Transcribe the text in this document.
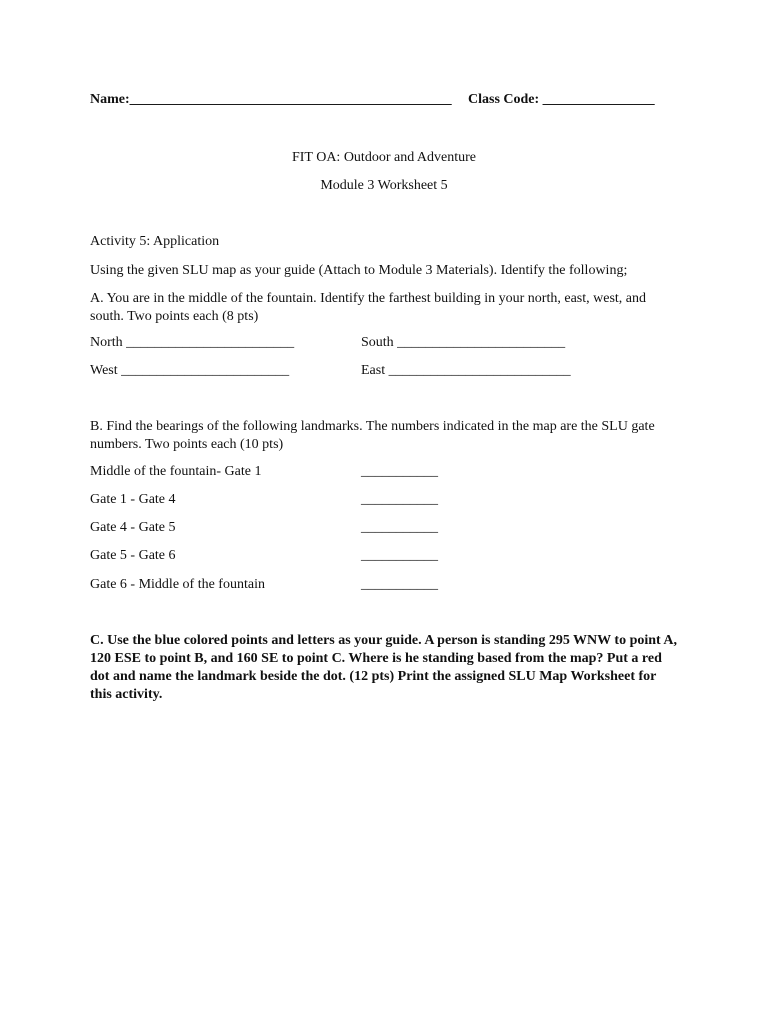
Name:______________________________________________ Class Code: ________________
FIT OA: Outdoor and Adventure
Module 3 Worksheet 5
Activity 5: Application
Using the given SLU map as your guide (Attach to Module 3 Materials). Identify the following;
A. You are in the middle of the fountain. Identify the farthest building in your north, east, west, and south. Two points each (8 pts)
North ________________________	South ________________________
West ________________________	East __________________________
B. Find the bearings of the following landmarks. The numbers indicated in the map are the SLU gate numbers. Two points each (10 pts)
Middle of the fountain- Gate 1	___________
Gate 1 - Gate 4	___________
Gate 4 - Gate 5	___________
Gate 5 - Gate 6	___________
Gate 6 - Middle of the fountain	___________
C. Use the blue colored points and letters as your guide. A person is standing 295 WNW to point A, 120 ESE to point B, and 160 SE to point C. Where is he standing based from the map? Put a red dot and name the landmark beside the dot. (12 pts) Print the assigned SLU Map Worksheet for this activity.
